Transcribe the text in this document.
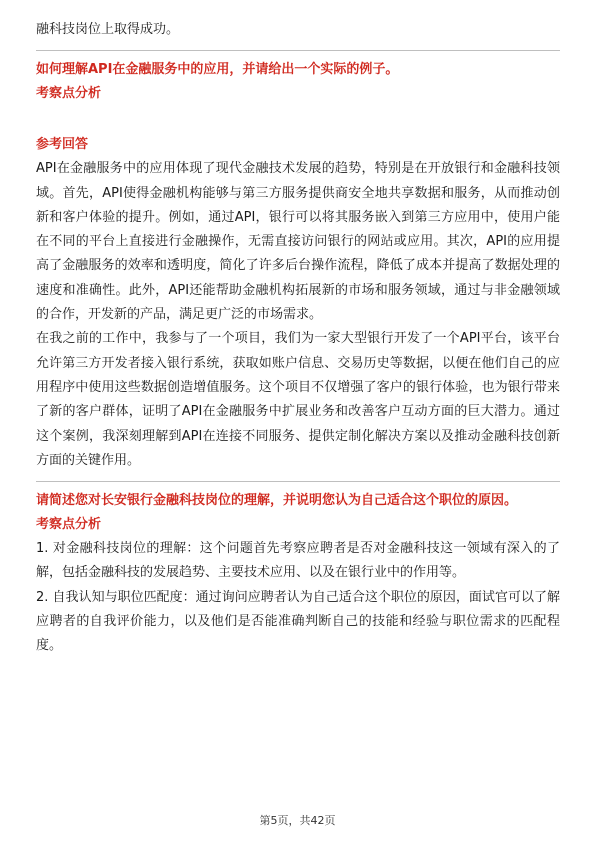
融科技岗位上取得成功。

如何理解API在金融服务中的应用，并请给出一个实际的例子。

考察点分析

参考回答

API在金融服务中的应用体现了现代金融技术发展的趋势，特别是在开放银行和金融科技领域。首先，API使得金融机构能够与第三方服务提供商安全地共享数据和服务，从而推动创新和客户体验的提升。例如，通过API，银行可以将其服务嵌入到第三方应用中，使用户能在不同的平台上直接进行金融操作，无需直接访问银行的网站或应用。其次，API的应用提高了金融服务的效率和透明度，简化了许多后台操作流程，降低了成本并提高了数据处理的速度和准确性。此外，API还能帮助金融机构拓展新的市场和服务领域，通过与非金融领域的合作，开发新的产品，满足更广泛的市场需求。

在我之前的工作中，我参与了一个项目，我们为一家大型银行开发了一个API平台，该平台允许第三方开发者接入银行系统，获取如账户信息、交易历史等数据，以便在他们自己的应用程序中使用这些数据创造增值服务。这个项目不仅增强了客户的银行体验，也为银行带来了新的客户群体，证明了API在金融服务中扩展业务和改善客户互动方面的巨大潜力。通过这个案例，我深刻理解到API在连接不同服务、提供定制化解决方案以及推动金融科技创新方面的关键作用。

请简述您对长安银行金融科技岗位的理解，并说明您认为自己适合这个职位的原因。

考察点分析

1. 对金融科技岗位的理解：这个问题首先考察应聘者是否对金融科技这一领域有深入的了解，包括金融科技的发展趋势、主要技术应用、以及在银行业中的作用等。

2. 自我认知与职位匹配度：通过询问应聘者认为自己适合这个职位的原因，面试官可以了解应聘者的自我评价能力，以及他们是否能准确判断自己的技能和经验与职位需求的匹配程度。

第5页，共42页
